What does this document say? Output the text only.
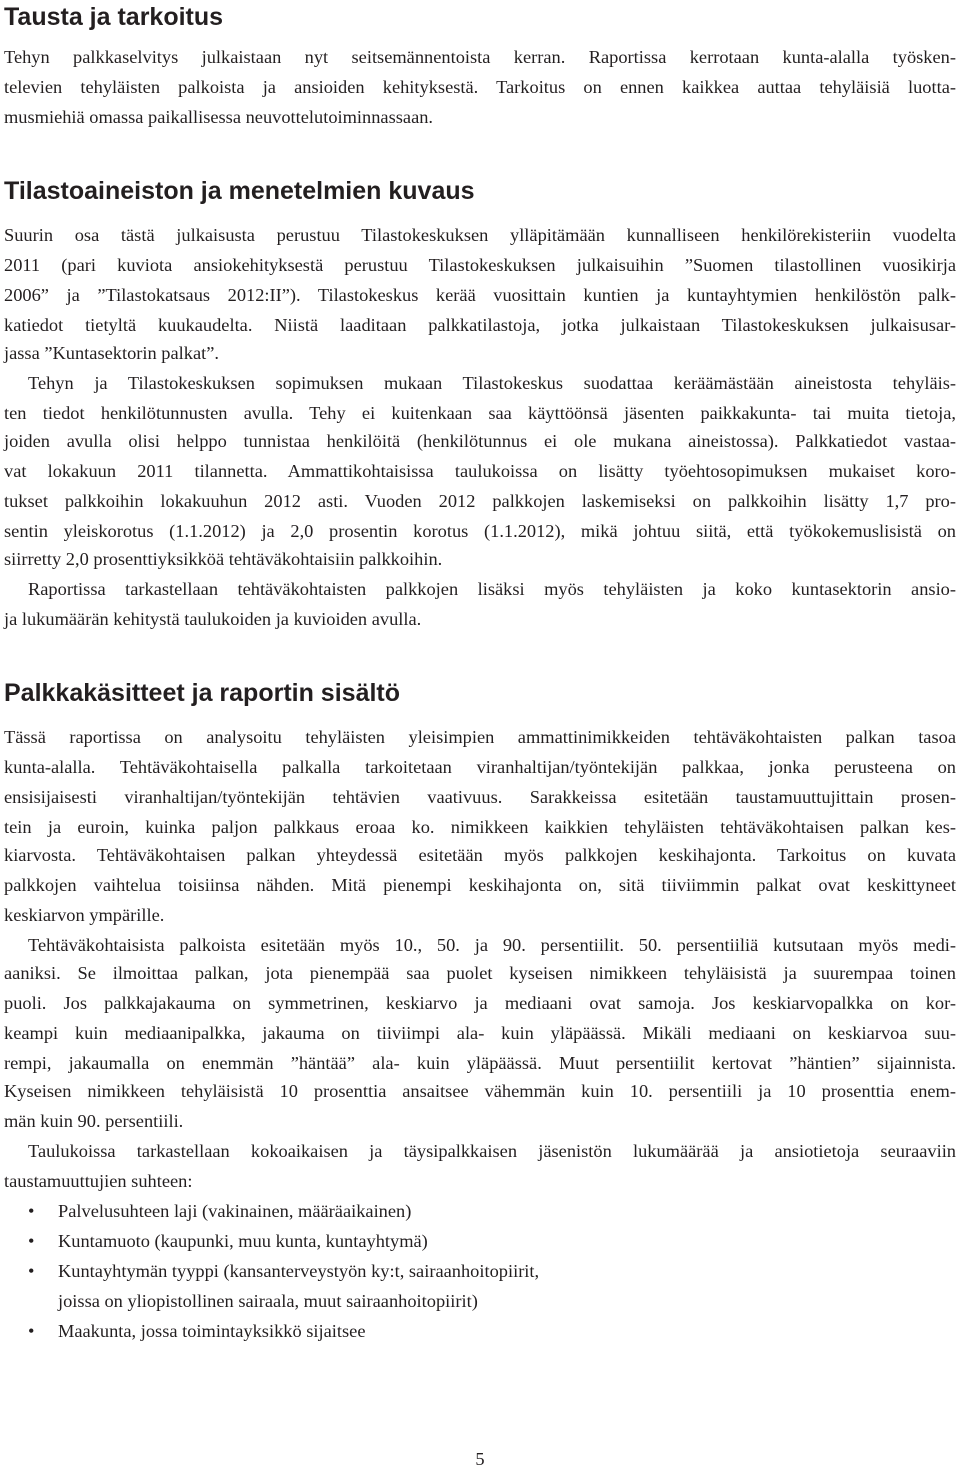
Tausta ja tarkoitus

Tehyn palkkaselvitys julkaistaan nyt seitsemännentoista kerran. Raportissa kerrotaan kunta-alalla työsken-

televien tehyläisten palkoista ja ansioiden kehityksestä. Tarkoitus on ennen kaikkea auttaa tehyläisiä luotta-

musmiehiä omassa paikallisessa neuvottelutoiminnassaan.

Tilastoaineiston ja menetelmien kuvaus

Suurin osa tästä julkaisusta perustuu Tilastokeskuksen ylläpitämään kunnalliseen henkilörekisteriin vuodelta

2011 (pari kuviota ansiokehityksestä perustuu Tilastokeskuksen julkaisuihin ”Suomen tilastollinen vuosikirja

2006” ja ”Tilastokatsaus 2012:II”). Tilastokeskus kerää vuosittain kuntien ja kuntayhtymien henkilöstön palk-

katiedot tietyltä kuukaudelta. Niistä laaditaan palkkatilastoja, jotka julkaistaan Tilastokeskuksen julkaisusar-

jassa ”Kuntasektorin palkat”.

Tehyn ja Tilastokeskuksen sopimuksen mukaan Tilastokeskus suodattaa keräämästään aineistosta tehyläis-

ten tiedot henkilötunnusten avulla. Tehy ei kuitenkaan saa käyttöönsä jäsenten paikkakunta- tai muita tietoja,

joiden avulla olisi helppo tunnistaa henkilöitä (henkilötunnus ei ole mukana aineistossa). Palkkatiedot vastaa-

vat lokakuun 2011 tilannetta. Ammattikohtaisissa taulukoissa on lisätty työehtosopimuksen mukaiset koro-

tukset palkkoihin lokakuuhun 2012 asti. Vuoden 2012 palkkojen laskemiseksi on palkkoihin lisätty 1,7 pro-

sentin yleiskorotus (1.1.2012) ja 2,0 prosentin korotus (1.1.2012), mikä johtuu siitä, että työkokemuslisistä on

siirretty 2,0 prosenttiyksikköä tehtäväkohtaisiin palkkoihin.

Raportissa tarkastellaan tehtäväkohtaisten palkkojen lisäksi myös tehyläisten ja koko kuntasektorin ansio-

ja lukumäärän kehitystä taulukoiden ja kuvioiden avulla.

Palkkakäsitteet ja raportin sisältö

Tässä raportissa on analysoitu tehyläisten yleisimpien ammattinimikkeiden tehtäväkohtaisten palkan tasoa

kunta-alalla. Tehtäväkohtaisella palkalla tarkoitetaan viranhaltijan/työntekijän palkkaa, jonka perusteena on

ensisijaisesti viranhaltijan/työntekijän tehtävien vaativuus. Sarakkeissa esitetään taustamuuttujittain prosen-

tein ja euroin, kuinka paljon palkkaus eroaa ko. nimikkeen kaikkien tehyläisten tehtäväkohtaisen palkan kes-

kiarvosta. Tehtäväkohtaisen palkan yhteydessä esitetään myös palkkojen keskihajonta. Tarkoitus on kuvata

palkkojen vaihtelua toisiinsa nähden. Mitä pienempi keskihajonta on, sitä tiiviimmin palkat ovat keskittyneet

keskiarvon ympärille.

Tehtäväkohtaisista palkoista esitetään myös 10., 50. ja 90. persentiilit. 50. persentiiliä kutsutaan myös medi-

aaniksi. Se ilmoittaa palkan, jota pienempää saa puolet kyseisen nimikkeen tehyläisistä ja suurempaa toinen

puoli. Jos palkkajakauma on symmetrinen, keskiarvo ja mediaani ovat samoja. Jos keskiarvopalkka on kor-

keampi kuin mediaanipalkka, jakauma on tiiviimpi ala- kuin yläpäässä. Mikäli mediaani on keskiarvoa suu-

rempi, jakaumalla on enemmän ”häntää” ala- kuin yläpäässä. Muut persentiilit kertovat ”häntien” sijainnista.

Kyseisen nimikkeen tehyläisistä 10 prosenttia ansaitsee vähemmän kuin 10. persentiili ja 10 prosenttia enem-

män kuin 90. persentiili.

Taulukoissa tarkastellaan kokoaikaisen ja täysipalkkaisen jäsenistön lukumäärää ja ansiotietoja seuraaviin

taustamuuttujien suhteen:

• Palvelusuhteen laji (vakinainen, määräaikainen)

• Kuntamuoto (kaupunki, muu kunta, kuntayhtymä)

• Kuntayhtymän tyyppi (kansanterveystyön ky:t, sairaanhoitopiirit,

joissa on yliopistollinen sairaala, muut sairaanhoitopiirit)

• Maakunta, jossa toimintayksikkö sijaitsee

5
